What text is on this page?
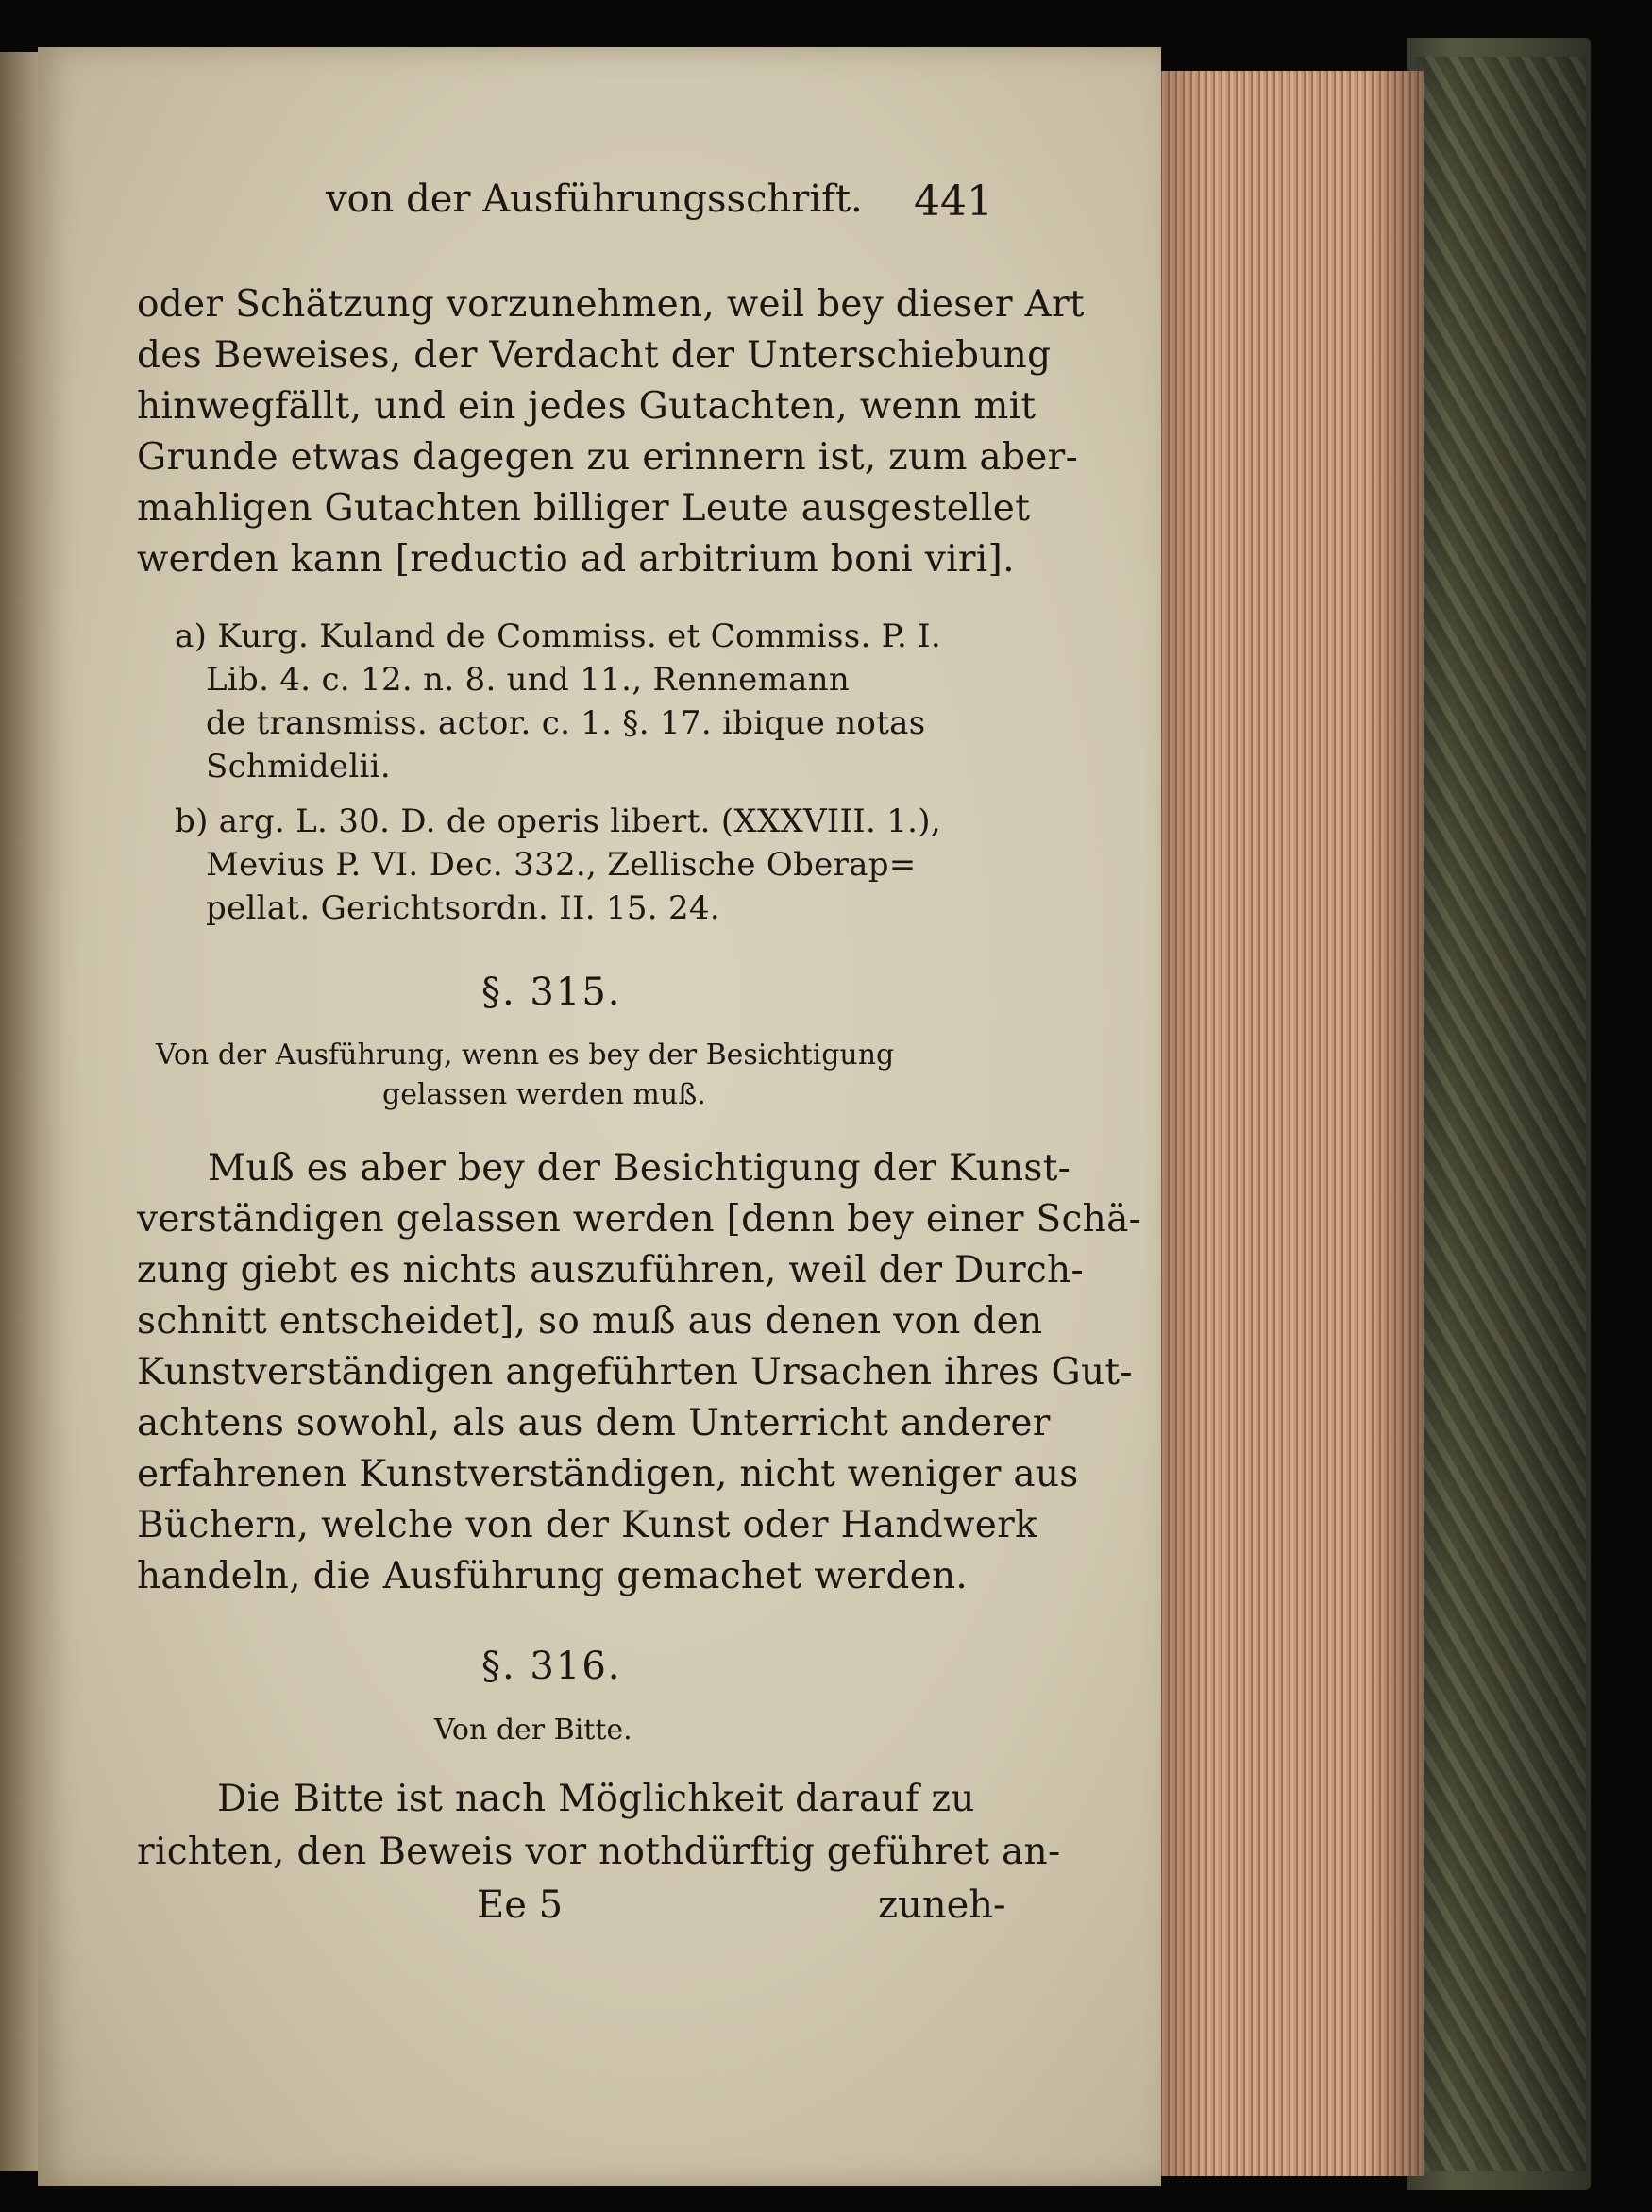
von der Ausführungsschrift. 441
oder Schätzung vorzunehmen, weil bey dieser Art
des Beweises, der Verdacht der Unterschiebung
hinwegfällt, und ein jedes Gutachten, wenn mit
Grunde etwas dagegen zu erinnern ist, zum aber-
mahligen Gutachten billiger Leute ausgestellet
werden kann [reductio ad arbitrium boni viri].
a) Kurg. Kuland de Commiss. et Commiss. P. I.
Lib. 4. c. 12. n. 8. und 11., Rennemann
de transmiss. actor. c. 1. §. 17. ibique notas
Schmidelii.
b) arg. L. 30. D. de operis libert. (XXXVIII. 1.),
Mevius P. VI. Dec. 332., Zellische Oberap=
pellat. Gerichtsordn. II. 15. 24.
§. 315.
Von der Ausführung, wenn es bey der Besichtigung
gelassen werden muß.
Muß es aber bey der Besichtigung der Kunst-
verständigen gelassen werden [denn bey einer Schä-
zung giebt es nichts auszuführen, weil der Durch-
schnitt entscheidet], so muß aus denen von den
Kunstverständigen angeführten Ursachen ihres Gut-
achtens sowohl, als aus dem Unterricht anderer
erfahrenen Kunstverständigen, nicht weniger aus
Büchern, welche von der Kunst oder Handwerk
handeln, die Ausführung gemachet werden.
§. 316.
Von der Bitte.
Die Bitte ist nach Möglichkeit darauf zu
richten, den Beweis vor nothdürftig geführet an-
Ee 5	zuneh-
